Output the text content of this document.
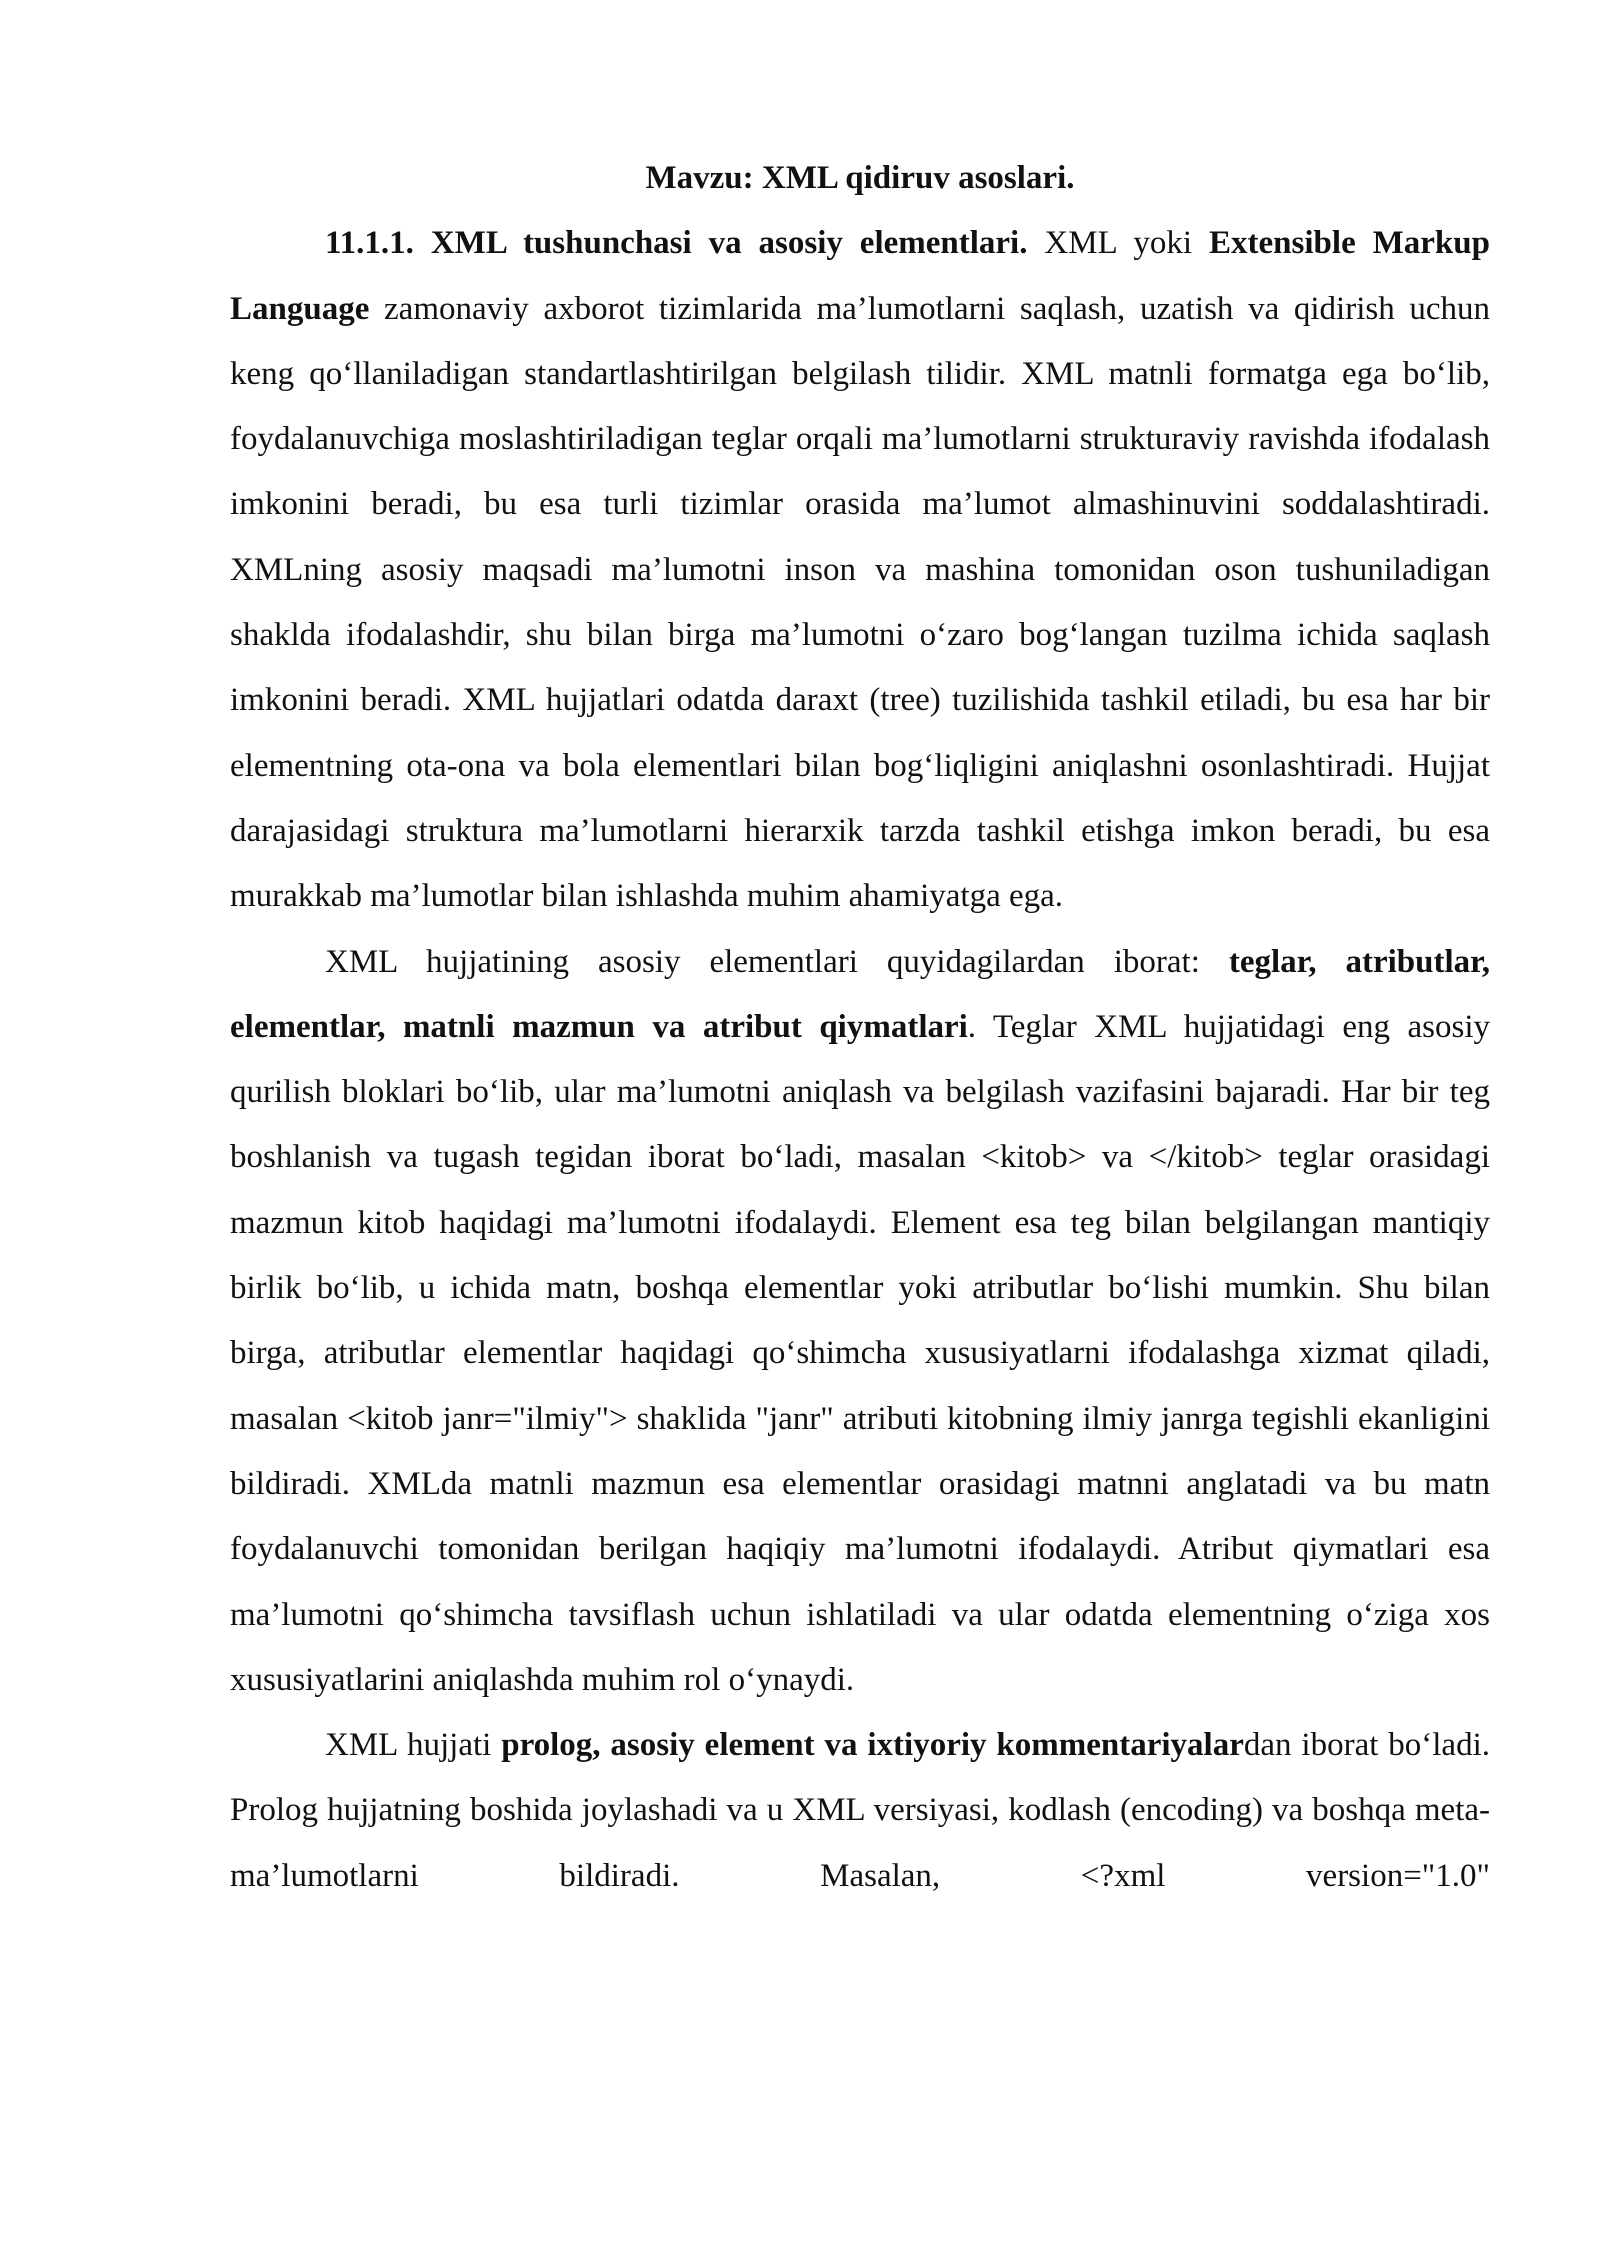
Mavzu: XML qidiruv asoslari.

11.1.1. XML tushunchasi va asosiy elementlari. XML yoki Extensible Markup Language zamonaviy axborot tizimlarida ma’lumotlarni saqlash, uzatish va qidirish uchun keng qo‘llaniladigan standartlashtirilgan belgilash tilidir. XML matnli formatga ega bo‘lib, foydalanuvchiga moslashtiriladigan teglar orqali ma’lumotlarni strukturaviy ravishda ifodalash imkonini beradi, bu esa turli tizimlar orasida ma’lumot almashinuvini soddalashtiradi. XMLning asosiy maqsadi ma’lumotni inson va mashina tomonidan oson tushuniladigan shaklda ifodalashdir, shu bilan birga ma’lumotni o‘zaro bog‘langan tuzilma ichida saqlash imkonini beradi. XML hujjatlari odatda daraxt (tree) tuzilishida tashkil etiladi, bu esa har bir elementning ota-ona va bola elementlari bilan bog‘liqligini aniqlashni osonlashtiradi. Hujjat darajasidagi struktura ma’lumotlarni hierarxik tarzda tashkil etishga imkon beradi, bu esa murakkab ma’lumotlar bilan ishlashda muhim ahamiyatga ega.

XML hujjatining asosiy elementlari quyidagilardan iborat: teglar, atributlar, elementlar, matnli mazmun va atribut qiymatlari. Teglar XML hujjatidagi eng asosiy qurilish bloklari bo‘lib, ular ma’lumotni aniqlash va belgilash vazifasini bajaradi. Har bir teg boshlanish va tugash tegidan iborat bo‘ladi, masalan <kitob> va </kitob> teglar orasidagi mazmun kitob haqidagi ma’lumotni ifodalaydi. Element esa teg bilan belgilangan mantiqiy birlik bo‘lib, u ichida matn, boshqa elementlar yoki atributlar bo‘lishi mumkin. Shu bilan birga, atributlar elementlar haqidagi qo‘shimcha xususiyatlarni ifodalashga xizmat qiladi, masalan <kitob janr="ilmiy"> shaklida "janr" atributi kitobning ilmiy janrga tegishli ekanligini bildiradi. XMLda matnli mazmun esa elementlar orasidagi matnni anglatadi va bu matn foydalanuvchi tomonidan berilgan haqiqiy ma’lumotni ifodalaydi. Atribut qiymatlari esa ma’lumotni qo‘shimcha tavsiflash uchun ishlatiladi va ular odatda elementning o‘ziga xos xususiyatlarini aniqlashda muhim rol o‘ynaydi.

XML hujjati prolog, asosiy element va ixtiyoriy kommentariyalardan iborat bo‘ladi. Prolog hujjatning boshida joylashadi va u XML versiyasi, kodlash (encoding) va boshqa meta-ma’lumotlarni bildiradi. Masalan, <?xml version="1.0"
